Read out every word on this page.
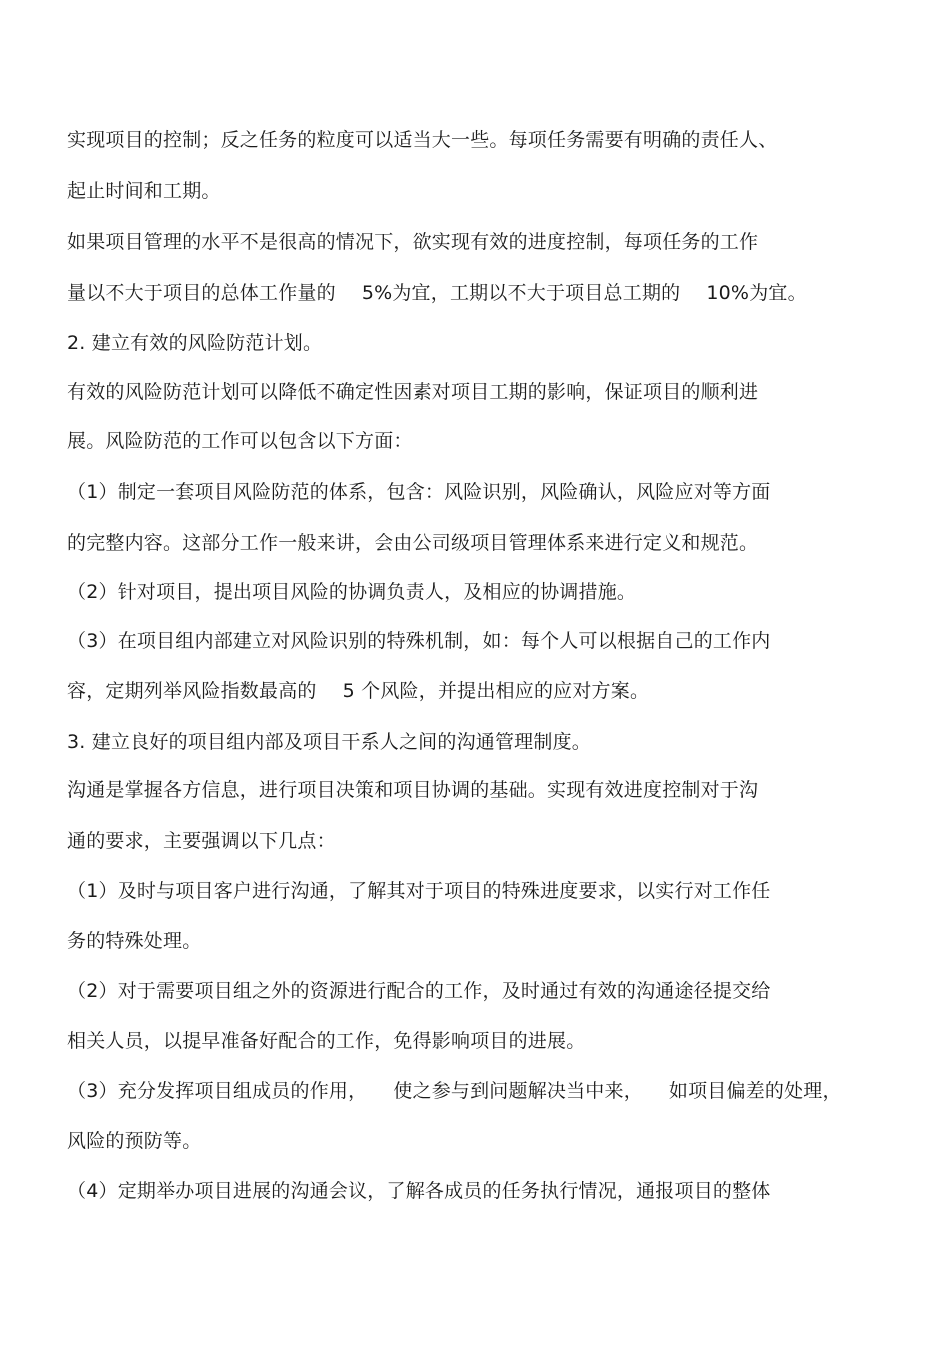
实现项目的控制；反之任务的粒度可以适当大一些。每项任务需要有明确的责任人、
起止时间和工期。
如果项目管理的水平不是很高的情况下，欲实现有效的进度控制，每项任务的工作
量以不大于项目的总体工作量的 5%为宜，工期以不大于项目总工期的 10%为宜。
2. 建立有效的风险防范计划。
有效的风险防范计划可以降低不确定性因素对项目工期的影响，保证项目的顺利进
展。风险防范的工作可以包含以下方面：
（1）制定一套项目风险防范的体系，包含：风险识别，风险确认，风险应对等方面
的完整内容。这部分工作一般来讲，会由公司级项目管理体系来进行定义和规范。
（2）针对项目，提出项目风险的协调负责人，及相应的协调措施。
（3）在项目组内部建立对风险识别的特殊机制，如：每个人可以根据自己的工作内
容，定期列举风险指数最高的 5 个风险，并提出相应的应对方案。
3. 建立良好的项目组内部及项目干系人之间的沟通管理制度。
沟通是掌握各方信息，进行项目决策和项目协调的基础。实现有效进度控制对于沟
通的要求，主要强调以下几点：
（1）及时与项目客户进行沟通，了解其对于项目的特殊进度要求，以实行对工作任
务的特殊处理。
（2）对于需要项目组之外的资源进行配合的工作，及时通过有效的沟通途径提交给
相关人员，以提早准备好配合的工作，免得影响项目的进展。
（3）充分发挥项目组成员的作用， 使之参与到问题解决当中来， 如项目偏差的处理，
风险的预防等。
（4）定期举办项目进展的沟通会议，了解各成员的任务执行情况，通报项目的整体
